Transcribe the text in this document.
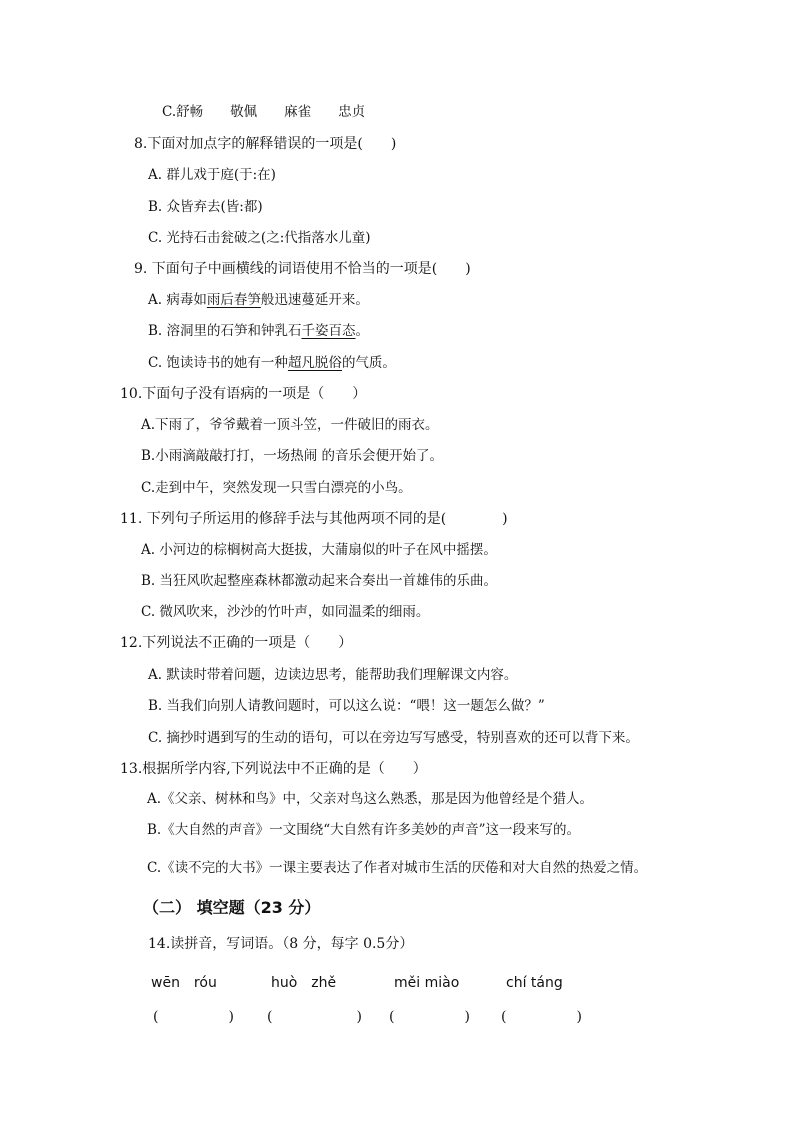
C.舒畅　　敬佩　　麻雀　　忠贞
8.下面对加点字的解释错误的一项是(　　)
A. 群儿戏于庭(于:在)
B. 众皆弃去(皆:都)
C. 光持石击瓮破之(之:代指落水儿童)
9. 下面句子中画横线的词语使用不恰当的一项是(　　)
A. 病毒如雨后春笋般迅速蔓延开来。
B. 溶洞里的石笋和钟乳石千姿百态。
C. 饱读诗书的她有一种超凡脱俗的气质。
10.下面句子没有语病的一项是（　　）
A.下雨了，爷爷戴着一顶斗笠，一件破旧的雨衣。
B.小雨滴敲敲打打，一场热闹 的音乐会便开始了。
C.走到中午，突然发现一只雪白漂亮的小鸟。
11. 下列句子所运用的修辞手法与其他两项不同的是(　　　　)
A. 小河边的棕榈树高大挺拔，大蒲扇似的叶子在风中摇摆。
B. 当狂风吹起整座森林都激动起来合奏出一首雄伟的乐曲。
C. 微风吹来，沙沙的竹叶声，如同温柔的细雨。
12.下列说法不正确的一项是（　　）
A. 默读时带着问题，边读边思考，能帮助我们理解课文内容。
B. 当我们向别人请教问题时，可以这么说：“喂！这一题怎么做？”
C. 摘抄时遇到写的生动的语句，可以在旁边写写感受，特别喜欢的还可以背下来。
13.根据所学内容,下列说法中不正确的是（　　）
A.《父亲、树林和鸟》中，父亲对鸟这么熟悉，那是因为他曾经是个猎人。
B.《大自然的声音》一文围绕“大自然有许多美妙的声音”这一段来写的。
C.《读不完的大书》一课主要表达了作者对城市生活的厌倦和对大自然的热爱之情。
（二） 填空题（23 分）
14.读拼音，写词语。（8 分，每字 0.5分）
wēn　róu	huò　zhě	měi miào	chí táng
(　　　　　) (　　　　　　) (　　　　　) (　　　　　)
